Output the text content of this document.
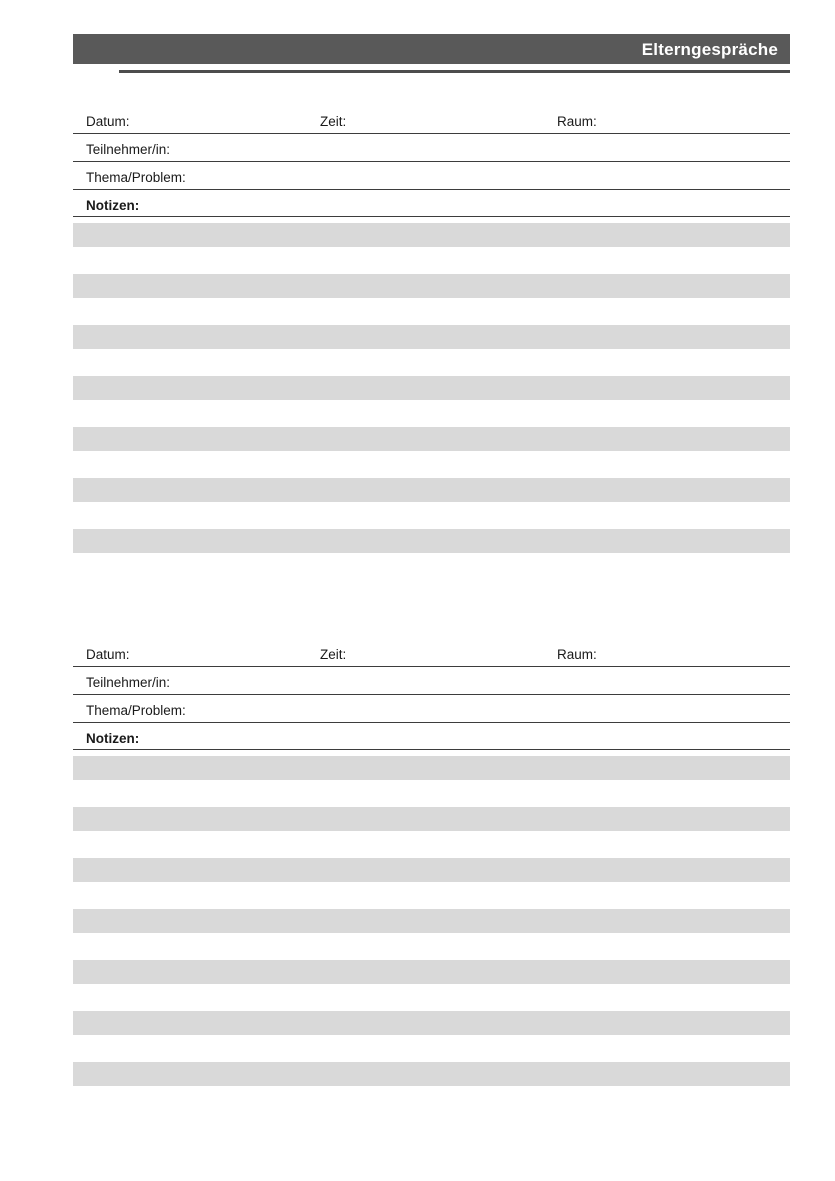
Elterngespräche
Datum:	Zeit:	Raum:
Teilnehmer/in:
Thema/Problem:
Notizen:
Datum:	Zeit:	Raum:
Teilnehmer/in:
Thema/Problem:
Notizen:
